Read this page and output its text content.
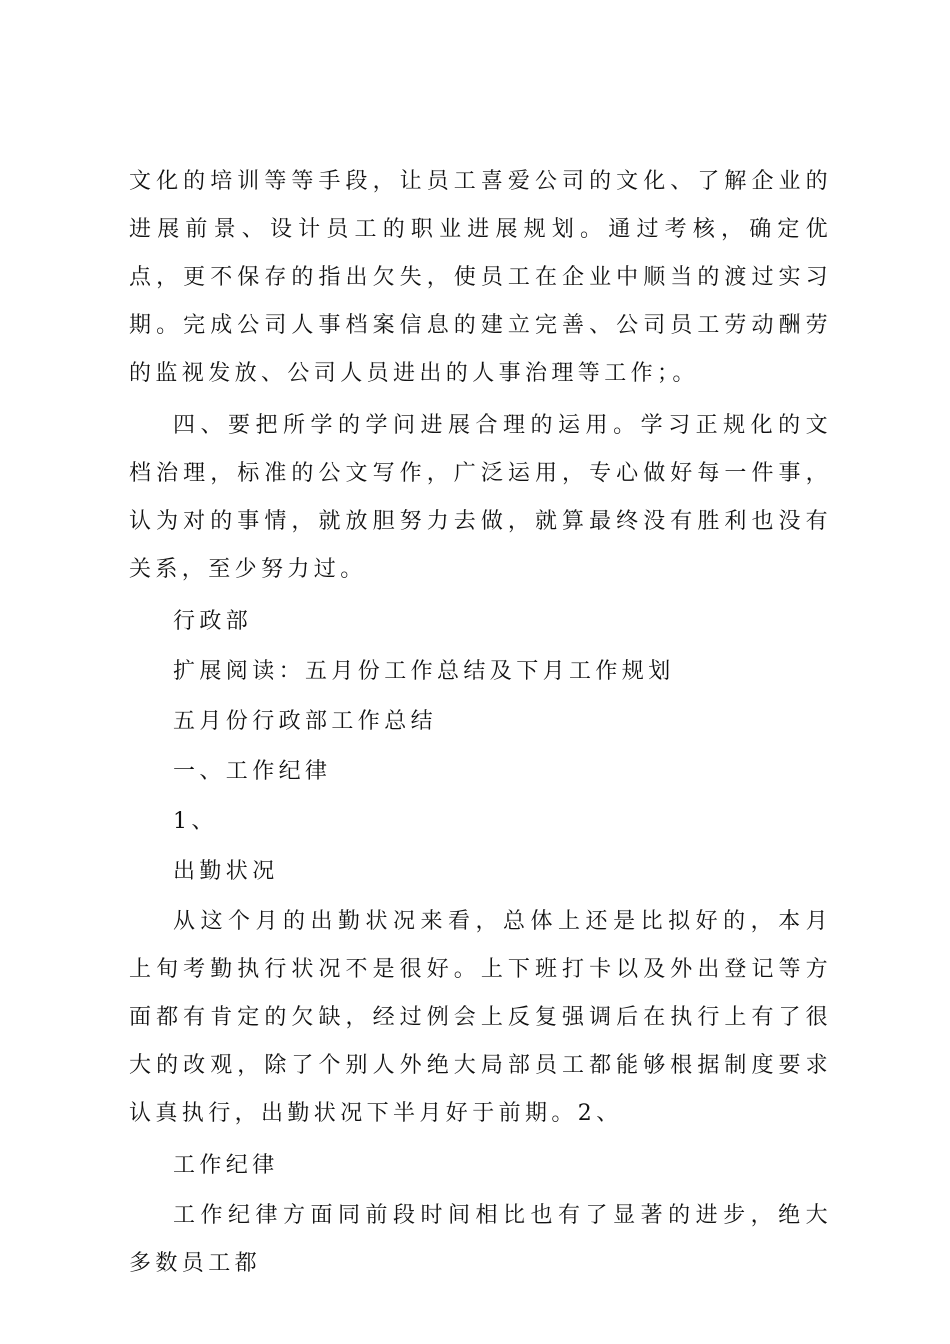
文化的培训等等手段，让员工喜爱公司的文化、了解企业的进展前景、设计员工的职业进展规划。通过考核，确定优点，更不保存的指出欠失，使员工在企业中顺当的渡过实习期。完成公司人事档案信息的建立完善、公司员工劳动酬劳的监视发放、公司人员进出的人事治理等工作；。

四、要把所学的学问进展合理的运用。学习正规化的文档治理，标准的公文写作，广泛运用，专心做好每一件事，认为对的事情，就放胆努力去做，就算最终没有胜利也没有关系，至少努力过。

行政部

扩展阅读：五月份工作总结及下月工作规划

五月份行政部工作总结

一、工作纪律

1、

出勤状况

从这个月的出勤状况来看，总体上还是比拟好的，本月上旬考勤执行状况不是很好。上下班打卡以及外出登记等方面都有肯定的欠缺，经过例会上反复强调后在执行上有了很大的改观，除了个别人外绝大局部员工都能够根据制度要求认真执行，出勤状况下半月好于前期。2、

工作纪律

工作纪律方面同前段时间相比也有了显著的进步，绝大多数员工都
